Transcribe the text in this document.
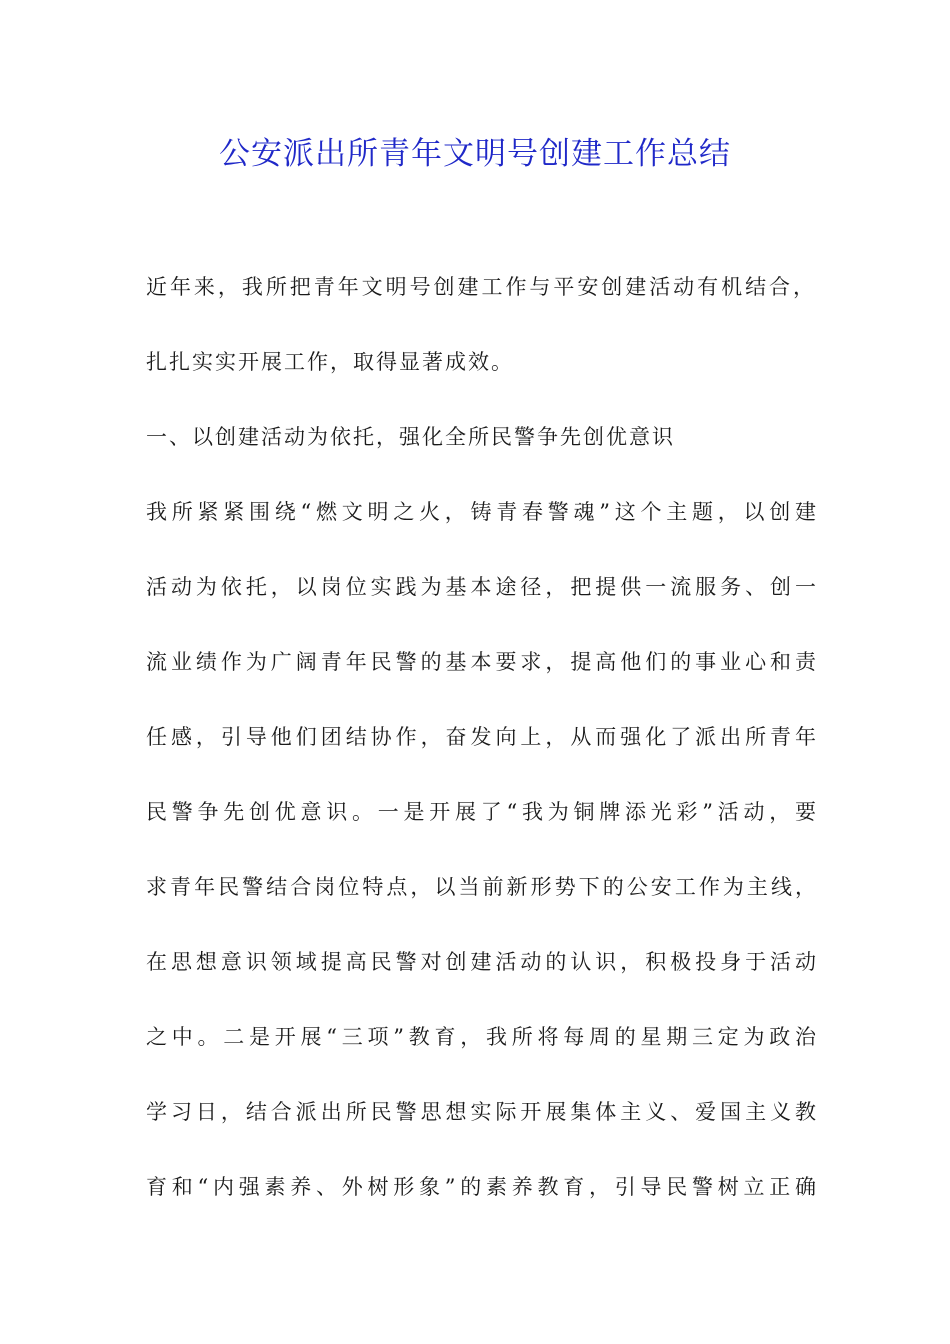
公安派出所青年文明号创建工作总结
近年来，我所把青年文明号创建工作与平安创建活动有机结合，
扎扎实实开展工作，取得显著成效。
一、以创建活动为依托，强化全所民警争先创优意识
我所紧紧围绕“燃文明之火，铸青春警魂”这个主题，以创建
活动为依托，以岗位实践为基本途径，把提供一流服务、创一
流业绩作为广阔青年民警的基本要求，提高他们的事业心和责
任感，引导他们团结协作，奋发向上，从而强化了派出所青年
民警争先创优意识。一是开展了“我为铜牌添光彩”活动，要
求青年民警结合岗位特点，以当前新形势下的公安工作为主线，
在思想意识领域提高民警对创建活动的认识，积极投身于活动
之中。二是开展“三项”教育，我所将每周的星期三定为政治
学习日，结合派出所民警思想实际开展集体主义、爱国主义教
育和“内强素养、外树形象”的素养教育，引导民警树立正确
